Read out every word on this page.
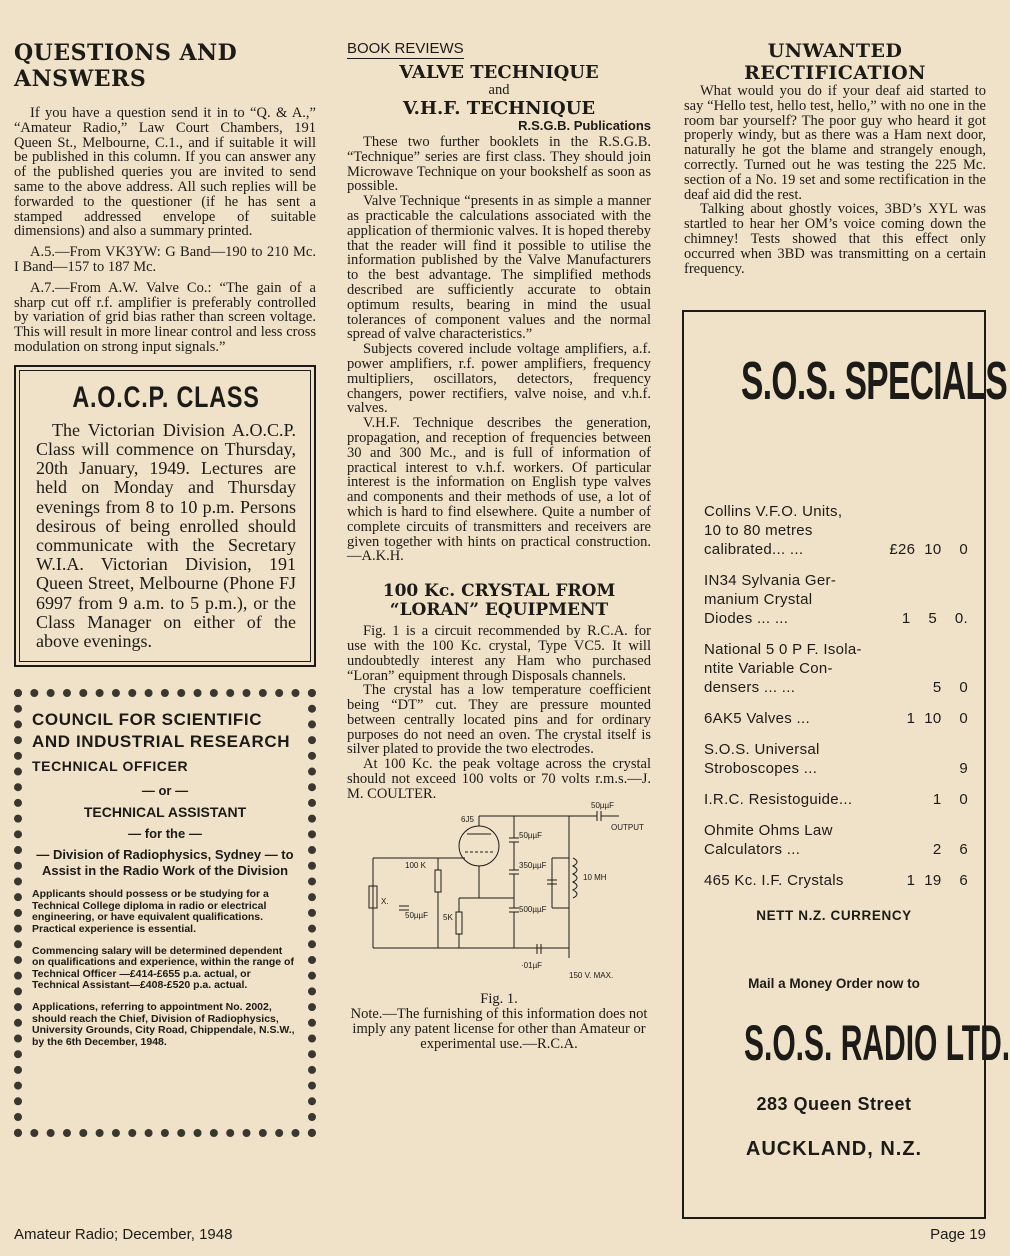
QUESTIONS AND ANSWERS

If you have a question send it in to “Q. & A.,” “Amateur Radio,” Law Court Chambers, 191 Queen St., Melbourne, C.1., and if suitable it will be published in this column. If you can answer any of the published queries you are invited to send same to the above address. All such replies will be forwarded to the questioner (if he has sent a stamped addressed envelope of suitable dimensions) and also a summary printed.

A.5.—From VK3YW: G Band—190 to 210 Mc. I Band—157 to 187 Mc.

A.7.—From A.W. Valve Co.: “The gain of a sharp cut off r.f. amplifier is preferably controlled by variation of grid bias rather than screen voltage. This will result in more linear control and less cross modulation on strong input signals.”

A.O.C.P. CLASS

The Victorian Division A.O.C.P. Class will commence on Thursday, 20th January, 1949. Lectures are held on Monday and Thursday evenings from 8 to 10 p.m. Persons desirous of being enrolled should communicate with the Secretary W.I.A. Victorian Division, 191 Queen Street, Melbourne (Phone FJ 6997 from 9 a.m. to 5 p.m.), or the Class Manager on either of the above evenings.

COUNCIL FOR SCIENTIFIC AND INDUSTRIAL RESEARCH
TECHNICAL OFFICER
— or —
TECHNICAL ASSISTANT
— for the —
— Division of Radiophysics, Sydney — to Assist in the Radio Work of the Division

Applicants should possess or be studying for a Technical College diploma in radio or electrical engineering, or have equivalent qualifications. Practical experience is essential.

Commencing salary will be determined dependent on qualifications and experience, within the range of Technical Officer —£414-£655 p.a. actual, or Technical Assistant—£408-£520 p.a. actual.

Applications, referring to appointment No. 2002, should reach the Chief, Division of Radiophysics, University Grounds, City Road, Chippendale, N.S.W., by the 6th December, 1948.

BOOK REVIEWS
VALVE TECHNIQUE
and
V.H.F. TECHNIQUE
R.S.G.B. Publications

These two further booklets in the R.S.G.B. “Technique” series are first class. They should join Microwave Technique on your bookshelf as soon as possible.

Valve Technique “presents in as simple a manner as practicable the calculations associated with the application of thermionic valves. It is hoped thereby that the reader will find it possible to utilise the information published by the Valve Manufacturers to the best advantage. The simplified methods described are sufficiently accurate to obtain optimum results, bearing in mind the usual tolerances of component values and the normal spread of valve characteristics.”

Subjects covered include voltage amplifiers, a.f. power amplifiers, r.f. power amplifiers, frequency multipliers, oscillators, detectors, frequency changers, power rectifiers, valve noise, and v.h.f. valves.

V.H.F. Technique describes the generation, propagation, and reception of frequencies between 30 and 300 Mc., and is full of information of practical interest to v.h.f. workers. Of particular interest is the information on English type valves and components and their methods of use, a lot of which is hard to find elsewhere. Quite a number of complete circuits of transmitters and receivers are given together with hints on practical construction.—A.K.H.

100 Kc. CRYSTAL FROM “LORAN” EQUIPMENT

Fig. 1 is a circuit recommended by R.C.A. for use with the 100 Kc. crystal, Type VC5. It will undoubtedly interest any Ham who purchased “Loran” equipment through Disposals channels.

The crystal has a low temperature coefficient being “DT” cut. They are pressure mounted between centrally located pins and for ordinary purposes do not need an oven. The crystal itself is silver plated to provide the two electrodes.

At 100 Kc. the peak voltage across the crystal should not exceed 100 volts or 70 volts r.m.s.—J. M. COULTER.

6J5
X.
100 K
50µµF 5K
50µµF
350µµF
500µµF
10 MH
50µµF
OUTPUT
·01µF
150 V. MAX.
Fig. 1.

Note.—The furnishing of this information does not imply any patent license for other than Amateur or experimental use.—R.C.A.

UNWANTED RECTIFICATION

What would you do if your deaf aid started to say “Hello test, hello test, hello,” with no one in the room bar yourself? The poor guy who heard it got properly windy, but as there was a Ham next door, naturally he got the blame and strangely enough, correctly. Turned out he was testing the 225 Mc. section of a No. 19 set and some rectification in the deaf aid did the rest.

Talking about ghostly voices, 3BD’s XYL was startled to hear her OM’s voice coming down the chimney! Tests showed that this effect only occurred when 3BD was transmitting on a certain frequency.

S.O.S. SPECIALS
Collins V.F.O. Units,
10 to 80 metres
calibrated... ...	£26  10    0
IN34 Sylvania Ger-
manium Crystal
Diodes ... ...	1    5    0.
National 5 0 P F. Isola-
ntite Variable Con-
densers ... ...	5    0
6AK5 Valves ...	1  10    0
S.O.S. Universal
Stroboscopes ...	9
I.R.C. Resistoguide...	1    0
Ohmite Ohms Law
Calculators ...	2    6
465 Kc. I.F. Crystals	1  19    6
NETT N.Z. CURRENCY
Mail a Money Order now to
S.O.S. RADIO LTD.
283 Queen Street
AUCKLAND, N.Z.
Amateur Radio; December, 1948	Page 19
